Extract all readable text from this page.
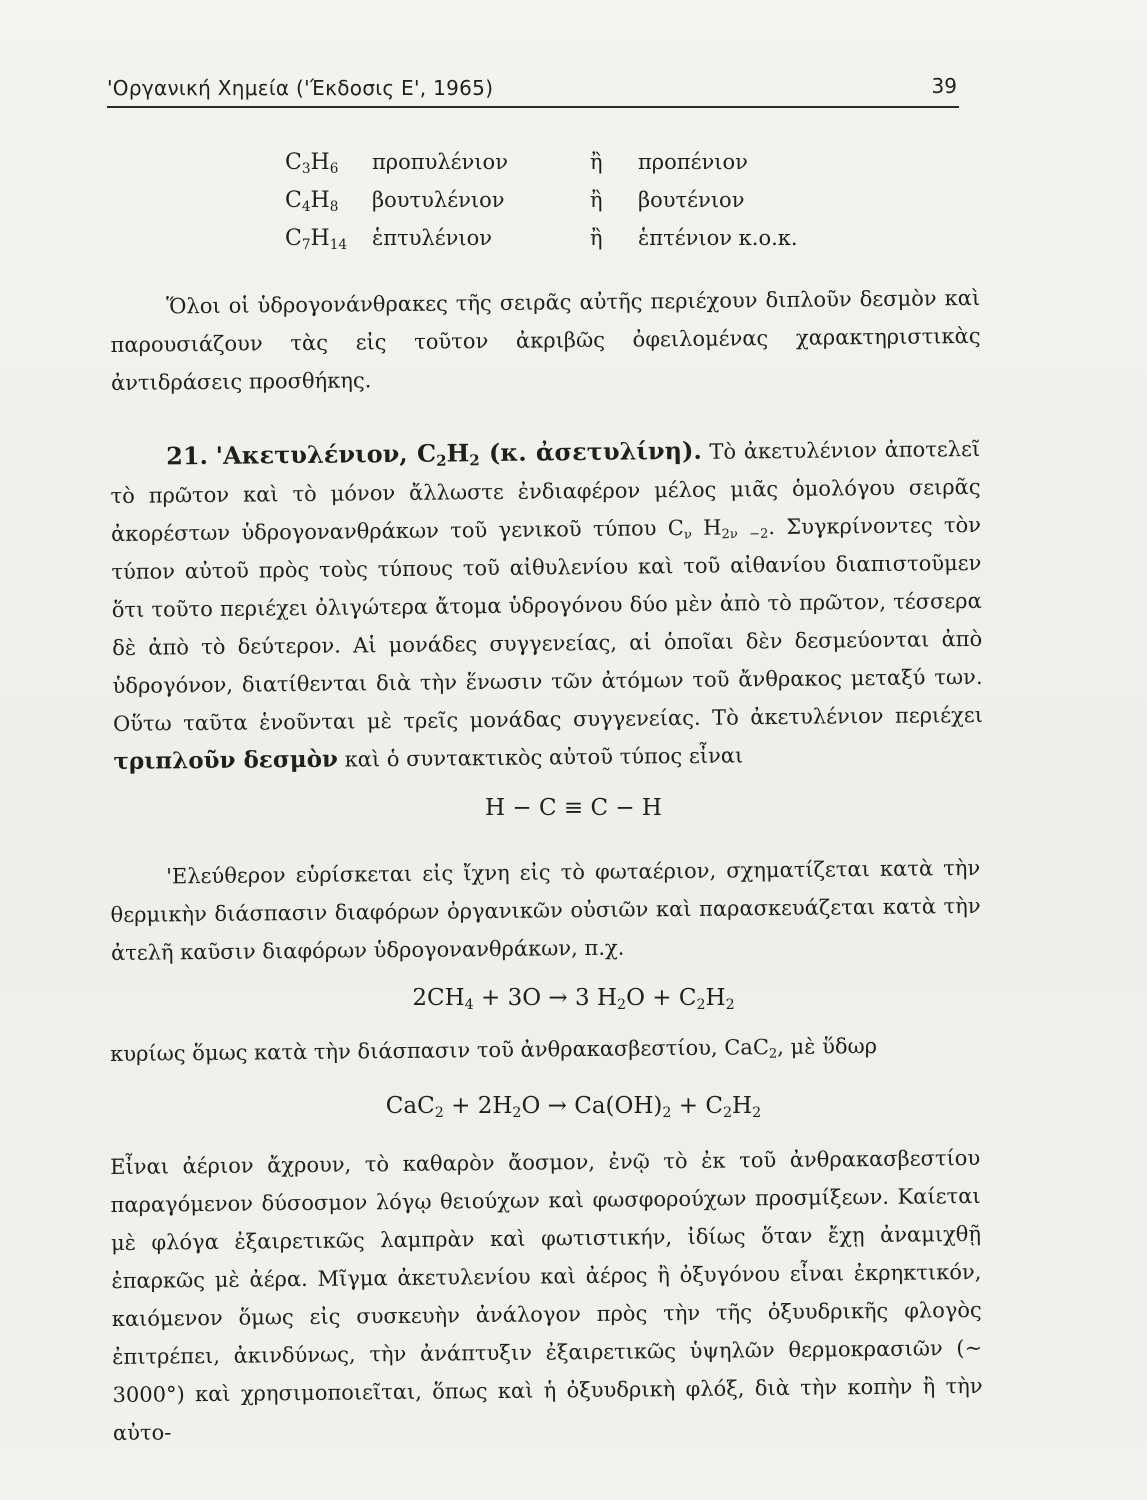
'Οργανική Χημεία ('Έκδοσις Ε', 1965)	39
$C_3H_6$	προπυλένιον	ἢ	προπένιον
$C_4H_8$	βουτυλένιον	ἢ	βουτένιον
$C_7H_{14}$	ἑπτυλένιον	ἢ	ἑπτένιον κ.ο.κ.

Ὅλοι οἱ ὑδρογονάνθρακες τῆς σειρᾶς αὐτῆς περιέχουν διπλοῦν δεσμὸν καὶ παρουσιάζουν τὰς εἰς τοῦτον ἀκριβῶς ὀφειλομένας χαρακτηριστικὰς ἀντιδράσεις προσθήκης.

21. 'Ακετυλένιον, $C_2H_2$ (κ. ἀσετυλίνη). Τὸ ἀκετυλένιον ἀποτελεῖ τὸ πρῶτον καὶ τὸ μόνον ἄλλωστε ἐνδιαφέρον μέλος μιᾶς ὁμολόγου σειρᾶς ἀκορέστων ὑδρογονανθράκων τοῦ γενικοῦ τύπου $C_\nu$ $H_{2\nu}$ $_{-2}$. Συγκρίνοντες τὸν τύπον αὐτοῦ πρὸς τοὺς τύπους τοῦ αἰθυλενίου καὶ τοῦ αἰθανίου διαπιστοῦμεν ὅτι τοῦτο περιέχει ὀλιγώτερα ἄτομα ὑδρογόνου δύο μὲν ἀπὸ τὸ πρῶτον, τέσσερα δὲ ἀπὸ τὸ δεύτερον. Αἱ μονάδες συγγενείας, αἱ ὁποῖαι δὲν δεσμεύονται ἀπὸ ὑδρογόνον, διατίθενται διὰ τὴν ἕνωσιν τῶν ἀτόμων τοῦ ἄνθρακος μεταξύ των. Οὕτω ταῦτα ἑνοῦνται μὲ τρεῖς μονάδας συγγενείας. Τὸ ἀκετυλένιον περιέχει τριπλοῦν δεσμὸν καὶ ὁ συντακτικὸς αὐτοῦ τύπος εἶναι

H − C ≡ C − H

'Ελεύθερον εὑρίσκεται εἰς ἴχνη εἰς τὸ φωταέριον, σχηματίζεται κατὰ τὴν θερμικὴν διάσπασιν διαφόρων ὀργανικῶν οὐσιῶν καὶ παρασκευάζεται κατὰ τὴν ἀτελῆ καῦσιν διαφόρων ὑδρογονανθράκων, π.χ.

$2CH_4 + 3O \to 3$ $H_2O + C_2H_2$

κυρίως ὅμως κατὰ τὴν διάσπασιν τοῦ ἀνθρακασβεστίου, CaC$_2$, μὲ ὕδωρ

$CaC_2 + 2H_2O \to Ca(OH)_2 + C_2H_2$

Εἶναι ἀέριον ἄχρουν, τὸ καθαρὸν ἄοσμον, ἐνῷ τὸ ἐκ τοῦ ἀνθρακασβεστίου παραγόμενον δύσοσμον λόγῳ θειούχων καὶ φωσφορούχων προσμίξεων. Καίεται μὲ φλόγα ἐξαιρετικῶς λαμπρὰν καὶ φωτιστικήν, ἰδίως ὅταν ἔχῃ ἀναμιχθῇ ἐπαρκῶς μὲ ἀέρα. Μῖγμα ἀκετυλενίου καὶ ἀέρος ἢ ὀξυγόνου εἶναι ἐκρηκτικόν, καιόμενον ὅμως εἰς συσκευὴν ἀνάλογον πρὸς τὴν τῆς ὀξυυδρικῆς φλογὸς ἐπιτρέπει, ἀκινδύνως, τὴν ἀνάπτυξιν ἐξαιρετικῶς ὑψηλῶν θερμοκρασιῶν (∼ 3000°) καὶ χρησιμοποιεῖται, ὅπως καὶ ἡ ὀξυυδρικὴ φλόξ, διὰ τὴν κοπὴν ἢ τὴν αὐτο-
